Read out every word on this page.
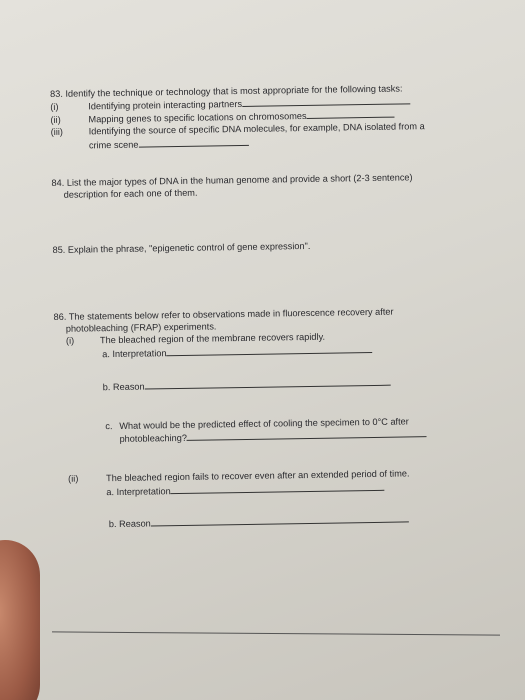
83. Identify the technique or technology that is most appropriate for the following tasks:
(i)	Identifying protein interacting partners
(ii)	Mapping genes to specific locations on chromosomes
(iii)	Identifying the source of specific DNA molecules, for example, DNA isolated from a
crime scene
84. List the major types of DNA in the human genome and provide a short (2-3 sentence)
description for each one of them.
85. Explain the phrase, "epigenetic control of gene expression".
86. The statements below refer to observations made in fluorescence recovery after
photobleaching (FRAP) experiments.
(i)	The bleached region of the membrane recovers rapidly.
a. Interpretation
b. Reason
c. What would be the predicted effect of cooling the specimen to 0°C after
photobleaching?
(ii)	The bleached region fails to recover even after an extended period of time.
a. Interpretation
b. Reason
